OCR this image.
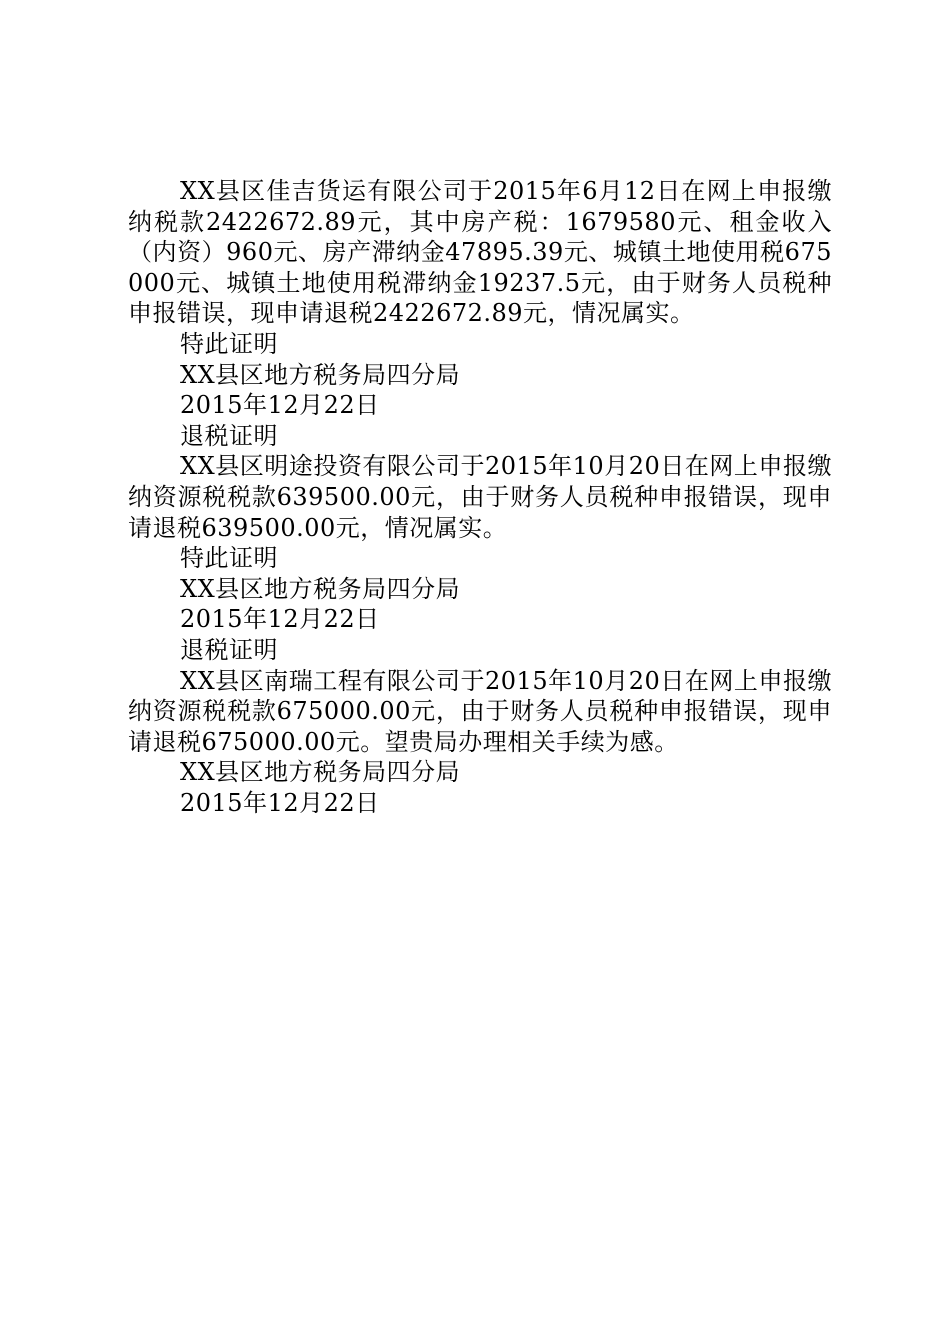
XX县区佳吉货运有限公司于2015年6月12日在网上申报缴纳税款2422672.89元，其中房产税：1679580元、租金收入（内资）960元、房产滞纳金47895.39元、城镇土地使用税675000元、城镇土地使用税滞纳金19237.5元，由于财务人员税种申报错误，现申请退税2422672.89元，情况属实。

特此证明

XX县区地方税务局四分局

2015年12月22日

退税证明

XX县区明途投资有限公司于2015年10月20日在网上申报缴纳资源税税款639500.00元，由于财务人员税种申报错误，现申请退税639500.00元，情况属实。

特此证明

XX县区地方税务局四分局

2015年12月22日

退税证明

XX县区南瑞工程有限公司于2015年10月20日在网上申报缴纳资源税税款675000.00元，由于财务人员税种申报错误，现申请退税675000.00元。望贵局办理相关手续为感。

XX县区地方税务局四分局

2015年12月22日
